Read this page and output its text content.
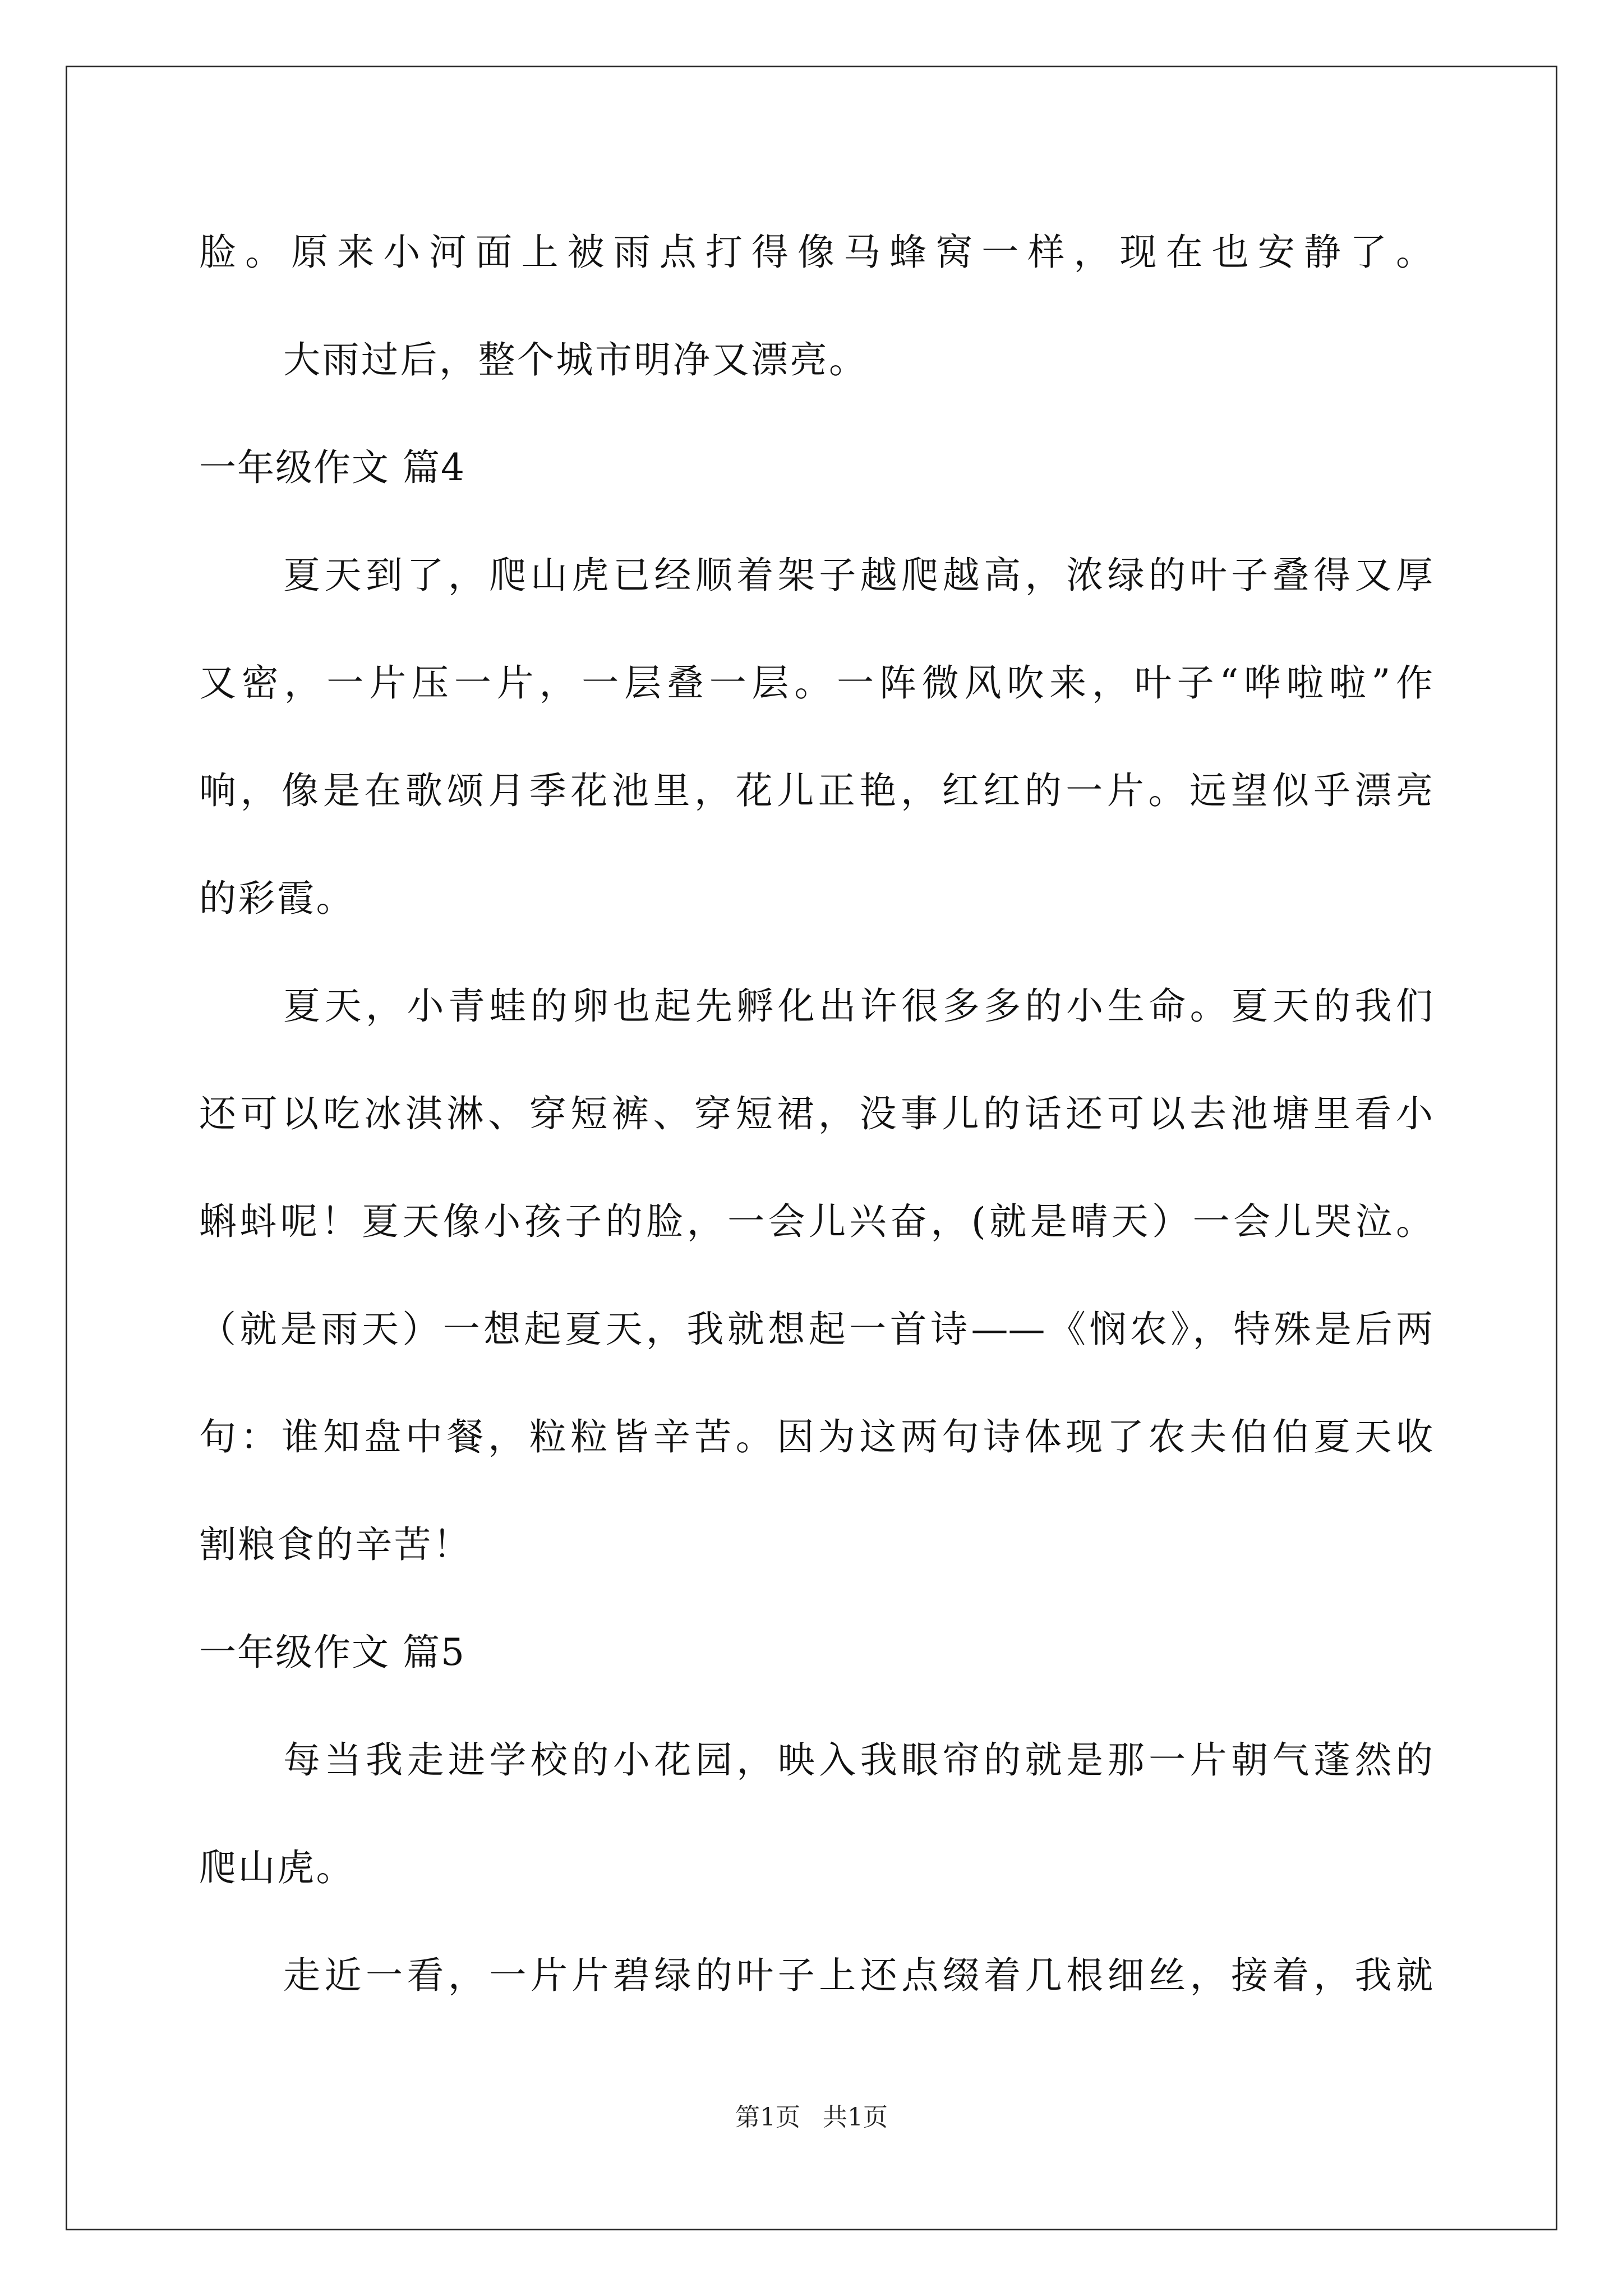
脸。原来小河面上被雨点打得像马蜂窝一样，现在也安静了。
大雨过后，整个城市明净又漂亮。
一年级作文 篇4
夏天到了，爬山虎已经顺着架子越爬越高，浓绿的叶子叠得又厚
又密，一片压一片，一层叠一层。一阵微风吹来，叶子“哗啦啦”作
响，像是在歌颂月季花池里，花儿正艳，红红的一片。远望似乎漂亮
的彩霞。
夏天，小青蛙的卵也起先孵化出许很多多的小生命。夏天的我们
还可以吃冰淇淋、穿短裤、穿短裙，没事儿的话还可以去池塘里看小
蝌蚪呢！夏天像小孩子的脸，一会儿兴奋，(就是晴天）一会儿哭泣。
（就是雨天）一想起夏天，我就想起一首诗——《悯农》，特殊是后两
句：谁知盘中餐，粒粒皆辛苦。因为这两句诗体现了农夫伯伯夏天收
割粮食的辛苦！
一年级作文 篇5
每当我走进学校的小花园，映入我眼帘的就是那一片朝气蓬然的
爬山虎。
走近一看，一片片碧绿的叶子上还点缀着几根细丝，接着，我就
第1页 共1页
